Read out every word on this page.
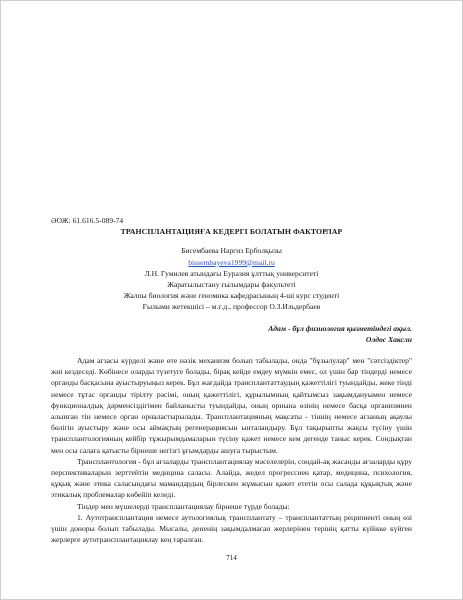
ӘОЖ: 61.616.5-089-74

ТРАНСПЛАНТАЦИЯҒА КЕДЕРГІ БОЛАТЫН ФАКТОРЛАР

Бисембаева Наргиз Ерболқызы

bissembayeva1999@mail.ru

Л.Н. Гумилев атындағы Еуразия ұлттық университеті

Жаратылыстану ғылымдары факультеті

Жалпы биология және геномика кафедрасының 4-ші курс студенті

Ғылыми жетекшісі – м.ғ.д., профессор О.З.Ильдербаев

Адам - бұл физиология қызметіндегі ақыл.

Олдос Хаксли

Адам ағзасы күрделі және өте нәзік механизм болып табылады, онда "бұзылулар" мен "сәтсіздіктер" жиі кездеседі. Көбінесе оларды түзетуге болады, бірақ кейде емдеу мүмкін емес, ол үшін бар тіндерді немесе органды басқасына ауыстыруыңыз керек. Бұл жағдайда трансплантаттаудың қажеттілігі туындайды, жеке тінді немесе тұтас органды тірілту рәсімі, оның қажеттілігі, құрылымның қайтымсыз зақымдануымен немесе функционалдық дәрменсіздігімен байланысты туындайды, оның орнына өзінің немесе басқа организмнен алынған тін немесе орган орналастырылады. Трансплантацияның мақсаты - тіннің немесе ағзаның ақаулы бөлігін ауыстыру және осы аймақтың регенерациясын ынталандыру. Бұл тақырыпты жақсы түсіну үшін трансплантологияның кейбір тұжырымдамаларын түсіну қажет немесе кем дегенде таныс керек. Сондықтан мен осы салаға қатысты бірнеше негізгі ұғымдарды ашуға тырыстым.

Трансплантология - бұл ағзаларды трансплантациялау мәселелерін, сондай-ақ жасанды ағзаларды құру перспективаларын зерттейтін медицина саласы. Алайда, жедел прогрессиен қатар, медицина, психология, құқық және этика саласындағы мамандардың бірлескен жұмысын қажет ететін осы салада құқықтық және этикалық проблемалар көбейіп келеді.

Тіндер мен мүшелерді трансплантациялау бірнеше түрде болады:

1. Аутотрансплантация немесе аутологиялық трансплантату – трансплантаттың реципиенті оның өзі үшін доноры болып табылады. Мысалы, дененің зақымдалмаған жерлерінен терінің қатты күйікке күйген жерлерге аутотрансплантациялау кең таралған.

714
